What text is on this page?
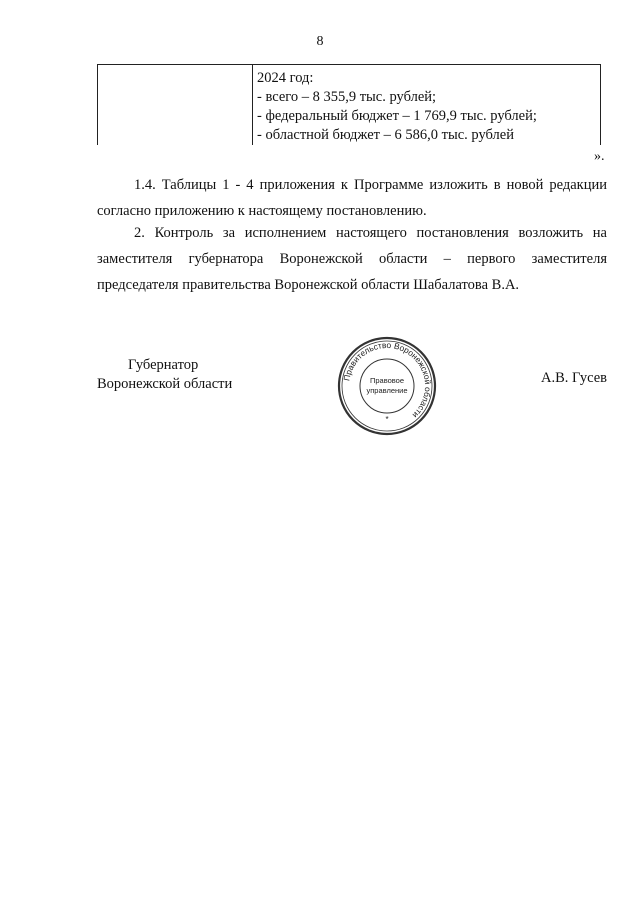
8
2024 год:
- всего – 8 355,9 тыс. рублей;
- федеральный бюджет – 1 769,9 тыс. рублей;
- областной бюджет – 6 586,0 тыс. рублей
».
1.4. Таблицы 1 - 4 приложения к Программе изложить в новой редакции согласно приложению к настоящему постановлению.
2. Контроль за исполнением настоящего постановления возложить на заместителя губернатора Воронежской области – первого заместителя председателя правительства Воронежской области Шабалатова В.А.
Губернатор
Воронежской области	Правительство Воронежской области
Правовое
управление
*
А.В. Гусев
